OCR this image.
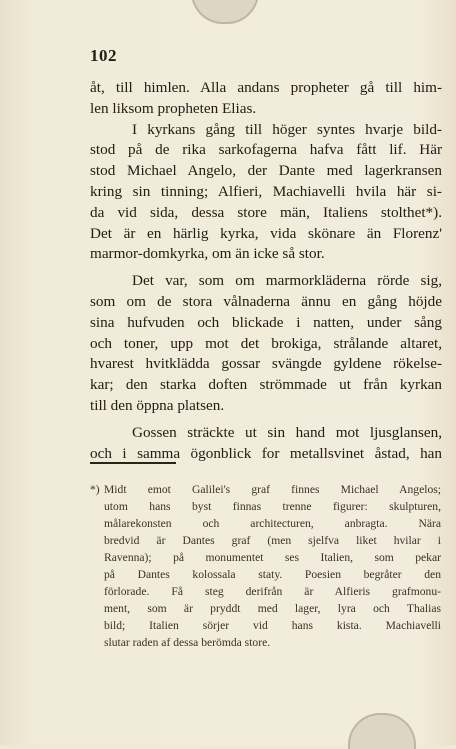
102

åt, till himlen. Alla andans propheter gå till him-

len liksom propheten Elias.

I kyrkans gång till höger syntes hvarje bild-

stod på de rika sarkofagerna hafva fått lif. Här

stod Michael Angelo, der Dante med lagerkransen

kring sin tinning; Alfieri, Machiavelli hvila här si-

da vid sida, dessa store män, Italiens stolthet*).

Det är en härlig kyrka, vida skönare än Florenz'

marmor-domkyrka, om än icke så stor.

Det var, som om marmorkläderna rörde sig,

som om de stora vålnaderna ännu en gång höjde

sina hufvuden och blickade i natten, under sång

och toner, upp mot det brokiga, strålande altaret,

hvarest hvitklädda gossar svängde gyldene rökelse-

kar; den starka doften strömmade ut från kyrkan

till den öppna platsen.

Gossen sträckte ut sin hand mot ljusglansen,

och i samma ögonblick for metallsvinet åstad, han

*) Midt emot Galilei's graf finnes Michael Angelos;

utom hans byst finnas trenne figurer: skulpturen,

målarekonsten och architecturen, anbragta. Nära

bredvid är Dantes graf (men sjelfva liket hvilar i

Ravenna); på monumentet ses Italien, som pekar

på Dantes kolossala staty. Poesien begråter den

förlorade. Få steg derifrån är Alfieris grafmonu-

ment, som är pryddt med lager, lyra och Thalias

bild; Italien sörjer vid hans kista. Machiavelli

slutar raden af dessa berömda store.
